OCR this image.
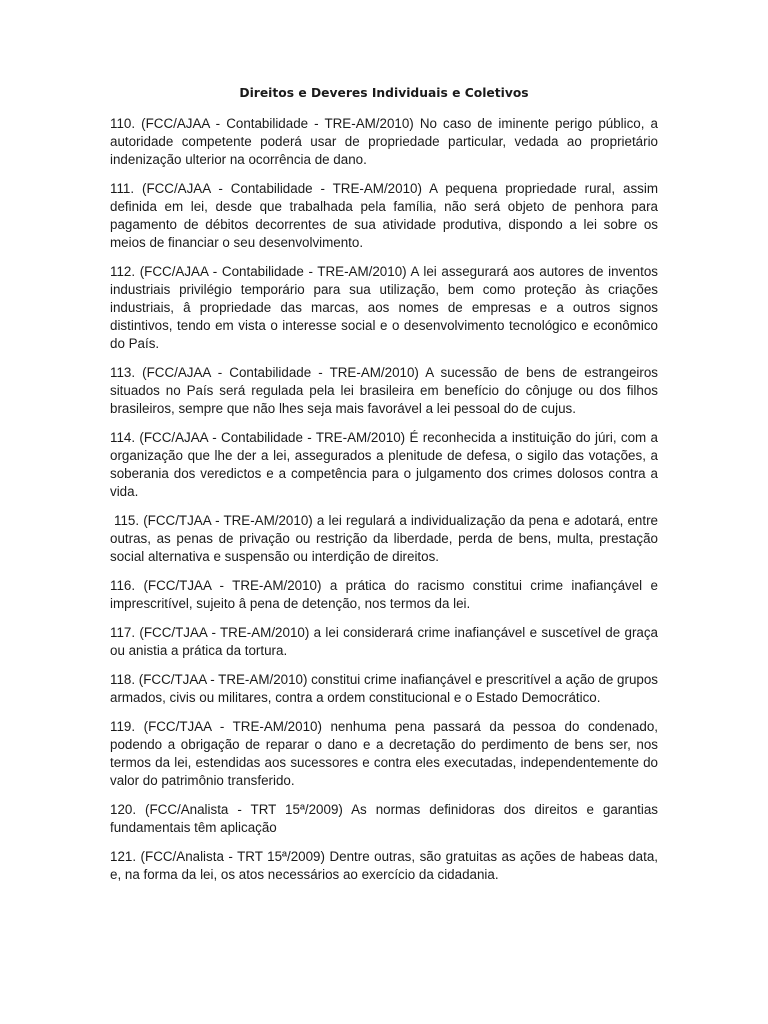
Direitos e Deveres Individuais e Coletivos

110. (FCC/AJAA - Contabilidade - TRE-AM/2010) No caso de iminente perigo público, a autoridade competente poderá usar de propriedade particular, vedada ao proprietário indenização ulterior na ocorrência de dano.

111. (FCC/AJAA - Contabilidade - TRE-AM/2010) A pequena propriedade rural, assim definida em lei, desde que trabalhada pela família, não será objeto de penhora para pagamento de débitos decorrentes de sua atividade produtiva, dispondo a lei sobre os meios de financiar o seu desenvolvimento.

112. (FCC/AJAA - Contabilidade - TRE-AM/2010) A lei assegurará aos autores de inventos industriais privilégio temporário para sua utilização, bem como proteção às criações industriais, â propriedade das marcas, aos nomes de empresas e a outros signos distintivos, tendo em vista o interesse social e o desenvolvimento tecnológico e econômico do País.

113. (FCC/AJAA - Contabilidade - TRE-AM/2010) A sucessão de bens de estrangeiros situados no País será regulada pela lei brasileira em benefício do cônjuge ou dos filhos brasileiros, sempre que não lhes seja mais favorável a lei pessoal do de cujus.

114. (FCC/AJAA - Contabilidade - TRE-AM/2010) É reconhecida a instituição do júri, com a organização que lhe der a lei, assegurados a plenitude de defesa, o sigilo das votações, a soberania dos veredictos e a competência para o julgamento dos crimes dolosos contra a vida.

115. (FCC/TJAA - TRE-AM/2010) a lei regulará a individualização da pena e adotará, entre outras, as penas de privação ou restrição da liberdade, perda de bens, multa, prestação social alternativa e suspensão ou interdição de direitos.

116. (FCC/TJAA - TRE-AM/2010) a prática do racismo constitui crime inafiançável e imprescritível, sujeito â pena de detenção, nos termos da lei.

117. (FCC/TJAA - TRE-AM/2010) a lei considerará crime inafiançável e suscetível de graça ou anistia a prática da tortura.

118. (FCC/TJAA - TRE-AM/2010) constitui crime inafiançável e prescritível a ação de grupos armados, civis ou militares, contra a ordem constitucional e o Estado Democrático.

119. (FCC/TJAA - TRE-AM/2010) nenhuma pena passará da pessoa do condenado, podendo a obrigação de reparar o dano e a decretação do perdimento de bens ser, nos termos da lei, estendidas aos sucessores e contra eles executadas, independentemente do valor do patrimônio transferido.

120. (FCC/Analista - TRT 15ª/2009) As normas definidoras dos direitos e garantias fundamentais têm aplicação

121. (FCC/Analista - TRT 15ª/2009) Dentre outras, são gratuitas as ações de habeas data, e, na forma da lei, os atos necessários ao exercício da cidadania.
